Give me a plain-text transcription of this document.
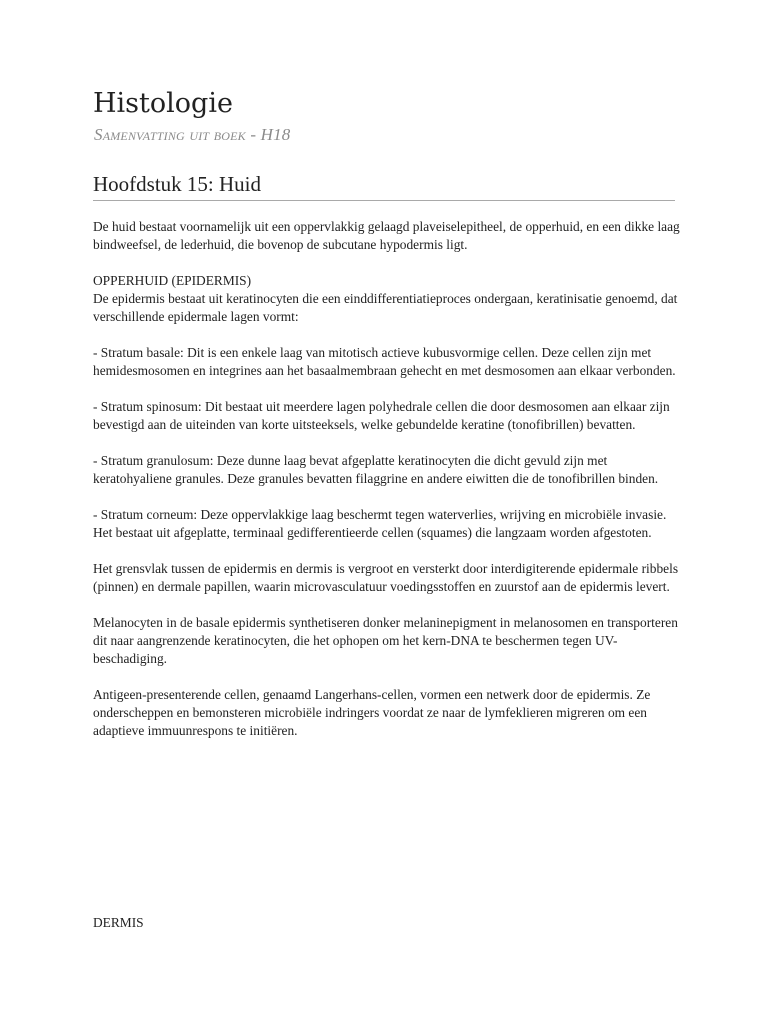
Histologie
Samenvatting uit boek - H18
Hoofdstuk 15: Huid

De huid bestaat voornamelijk uit een oppervlakkig gelaagd plaveiselepitheel, de opperhuid, en een dikke laag bindweefsel, de lederhuid, die bovenop de subcutane hypodermis ligt.

OPPERHUID (EPIDERMIS)
De epidermis bestaat uit keratinocyten die een einddifferentiatieproces ondergaan, keratinisatie genoemd, dat verschillende epidermale lagen vormt:

- Stratum basale: Dit is een enkele laag van mitotisch actieve kubusvormige cellen. Deze cellen zijn met hemidesmosomen en integrines aan het basaalmembraan gehecht en met desmosomen aan elkaar verbonden.

- Stratum spinosum: Dit bestaat uit meerdere lagen polyhedrale cellen die door desmosomen aan elkaar zijn bevestigd aan de uiteinden van korte uitsteeksels, welke gebundelde keratine (tonofibrillen) bevatten.

- Stratum granulosum: Deze dunne laag bevat afgeplatte keratinocyten die dicht gevuld zijn met keratohyaliene granules. Deze granules bevatten filaggrine en andere eiwitten die de tonofibrillen binden.

- Stratum corneum: Deze oppervlakkige laag beschermt tegen waterverlies, wrijving en microbiële invasie. Het bestaat uit afgeplatte, terminaal gedifferentieerde cellen (squames) die langzaam worden afgestoten.

Het grensvlak tussen de epidermis en dermis is vergroot en versterkt door interdigiterende epidermale ribbels (pinnen) en dermale papillen, waarin microvasculatuur voedingsstoffen en zuurstof aan de epidermis levert.

Melanocyten in de basale epidermis synthetiseren donker melaninepigment in melanosomen en transporteren dit naar aangrenzende keratinocyten, die het ophopen om het kern-DNA te beschermen tegen UV-beschadiging.

Antigeen-presenterende cellen, genaamd Langerhans-cellen, vormen een netwerk door de epidermis. Ze onderscheppen en bemonsteren microbiële indringers voordat ze naar de lymfeklieren migreren om een adaptieve immuunrespons te initiëren.

DERMIS
